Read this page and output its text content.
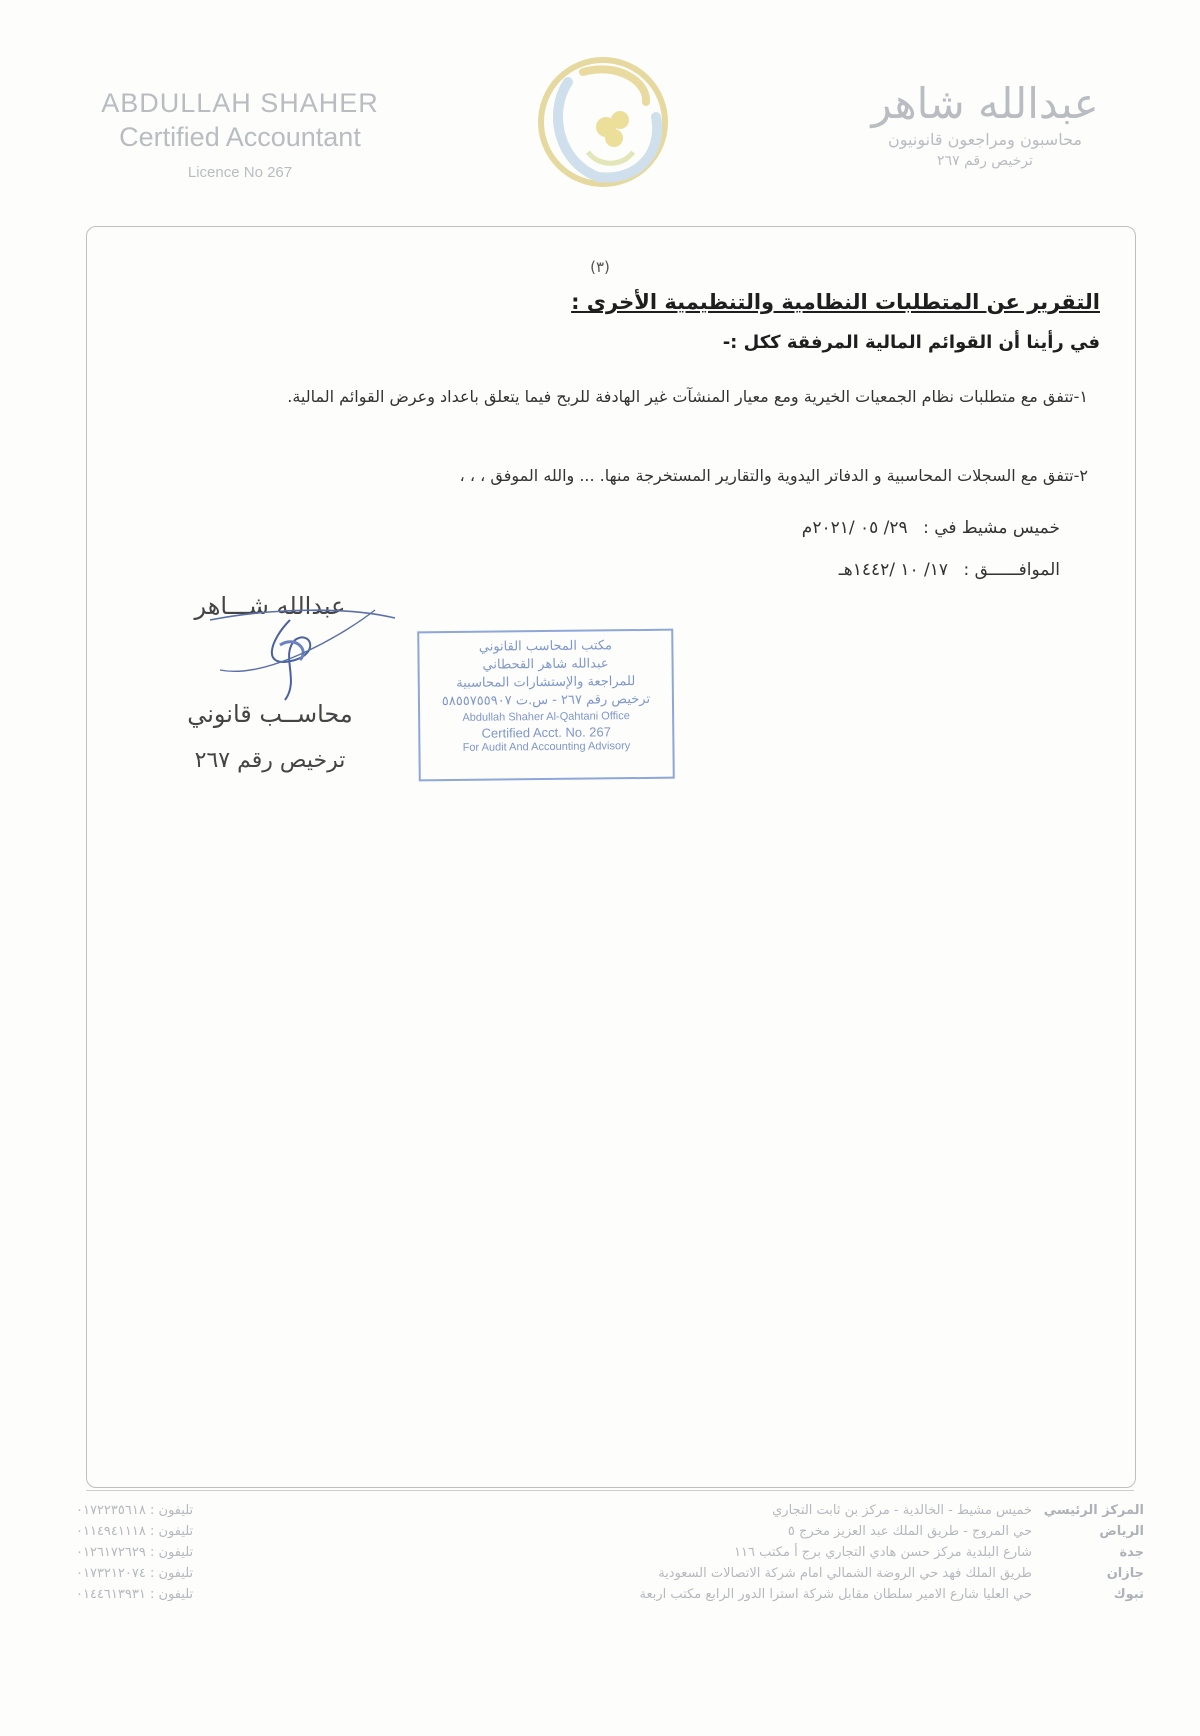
ABDULLAH SHAHER
Certified Accountant
Licence No 267
عبدالله شاهر
محاسبون ومراجعون قانونيون
ترخيص رقم ٢٦٧
(٣)
التقرير عن المتطلبات النظامية والتنظيمية الأخرى :
في رأينا أن القوائم المالية المرفقة ككل :-
١-تتفق مع متطلبات نظام الجمعيات الخيرية ومع معيار المنشآت غير الهادفة للربح فيما يتعلق باعداد وعرض القوائم المالية.
٢-تتفق مع السجلات المحاسبية و الدفاتر اليدوية والتقارير المستخرجة منها. ... والله الموفق ، ، ،
خميس مشيط في : ٢٩/ ٠٥ /٢٠٢١م
الموافــــــق : ١٧/ ١٠ /١٤٤٢هـ
عبدالله شـــاهر
محاســب قانوني
ترخيص رقم ٢٦٧
مكتب المحاسب القانوني
عبدالله شاهر القحطاني
للمراجعة والإستشارات المحاسبية
ترخيص رقم ٢٦٧ - س.ت ٥٨٥٥٧٥٥٩٠٧
Abdullah Shaher Al-Qahtani Office
Certified Acct. No. 267
For Audit And Accounting Advisory
المركز الرئيسي
خميس مشيط - الخالدية - مركز بن ثابت التجاري
تليفون : ٠١٧٢٢٣٥٦١٨
الرياض
حي المروج - طريق الملك عبد العزيز مخرج ٥
تليفون : ٠١١٤٩٤١١١٨
جدة
شارع البلدية مركز حسن هادي التجاري برج أ مكتب ١١٦
تليفون : ٠١٢٦١٧٢٦٢٩
جازان
طريق الملك فهد حي الروضة الشمالي امام شركة الاتصالات السعودية
تليفون : ٠١٧٣٢١٢٠٧٤
تبوك
حي العليا شارع الامير سلطان مقابل شركة استرا الدور الرابع مكتب اربعة
تليفون : ٠١٤٤٦١٣٩٣١
